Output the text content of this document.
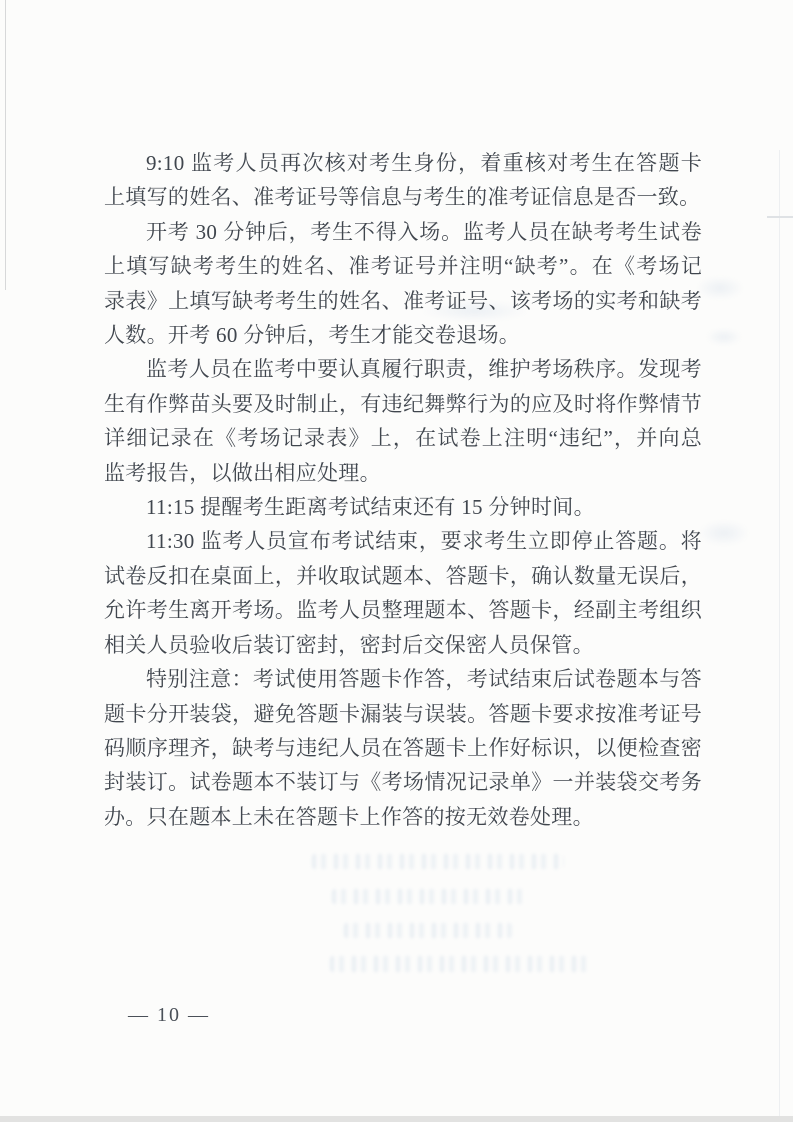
9:10 监考人员再次核对考生身份，着重核对考生在答题卡
上填写的姓名、准考证号等信息与考生的准考证信息是否一致。
开考 30 分钟后，考生不得入场。监考人员在缺考考生试卷
上填写缺考考生的姓名、准考证号并注明“缺考”。在《考场记
录表》上填写缺考考生的姓名、准考证号、该考场的实考和缺考
人数。开考 60 分钟后，考生才能交卷退场。
监考人员在监考中要认真履行职责，维护考场秩序。发现考
生有作弊苗头要及时制止，有违纪舞弊行为的应及时将作弊情节
详细记录在《考场记录表》上，在试卷上注明“违纪”，并向总
监考报告，以做出相应处理。
11:15 提醒考生距离考试结束还有 15 分钟时间。
11:30 监考人员宣布考试结束，要求考生立即停止答题。将
试卷反扣在桌面上，并收取试题本、答题卡，确认数量无误后，
允许考生离开考场。监考人员整理题本、答题卡，经副主考组织
相关人员验收后装订密封，密封后交保密人员保管。
特别注意：考试使用答题卡作答，考试结束后试卷题本与答
题卡分开装袋，避免答题卡漏装与误装。答题卡要求按准考证号
码顺序理齐，缺考与违纪人员在答题卡上作好标识，以便检查密
封装订。试卷题本不装订与《考场情况记录单》一并装袋交考务
办。只在题本上未在答题卡上作答的按无效卷处理。
— 10 —
